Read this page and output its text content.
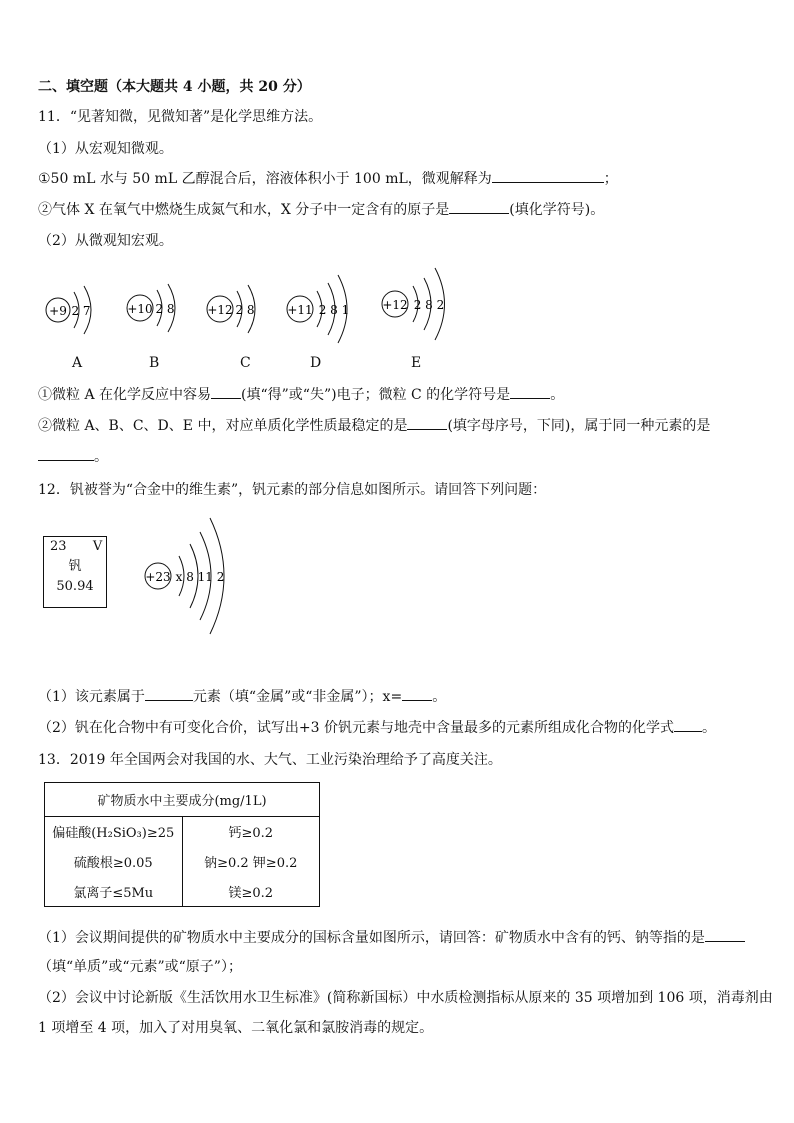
二、填空题（本大题共 4 小题，共 20 分）
11．“见著知微，见微知著”是化学思维方法。
（1）从宏观知微观。
①50 mL 水与 50 mL 乙醇混合后，溶液体积小于 100 mL，微观解释为	；
②气体 X 在氧气中燃烧生成氮气和水，X 分子中一定含有的原子是	(填化学符号)。
（2）从微观知宏观。
+9 2 7
A
+10 2 8
B
+12 2 8
C
+11 2 8 1
D
+12 2 8 2
E
①微粒 A 在化学反应中容易 (填“得”或“失”)电子；微粒 C 的化学符号是	。
②微粒 A、B、C、D、E 中，对应单质化学性质最稳定的是	(填字母序号，下同)，属于同一种元素的是
。
12．钒被誉为“合金中的维生素”，钒元素的部分信息如图所示。请回答下列问题：
23 V
钒
50.94
+23 x 8 11 2
（1）该元素属于	元素（填“金属”或“非金属”）；x= 。
（2）钒在化合物中有可变化合价，试写出+3 价钒元素与地壳中含量最多的元素所组成化合物的化学式 。
13．2019 年全国两会对我国的水、大气、工业污染治理给予了高度关注。
矿物质水中主要成分(mg/1L)	
偏硅酸(H₂SiO₃)≥25	钙≥0.2
硫酸根≥0.05	钠≥0.2 钾≥0.2
氯离子≤5Mu	镁≥0.2
（1）会议期间提供的矿物质水中主要成分的国标含量如图所示，请回答：矿物质水中含有的钙、钠等指的是
（填“单质”或“元素”或“原子”）；
（2）会议中讨论新版《生活饮用水卫生标准》(简称新国标）中水质检测指标从原来的 35 项增加到 106 项，消毒剂由
1 项增至 4 项，加入了对用臭氧、二氧化氯和氯胺消毒的规定。
